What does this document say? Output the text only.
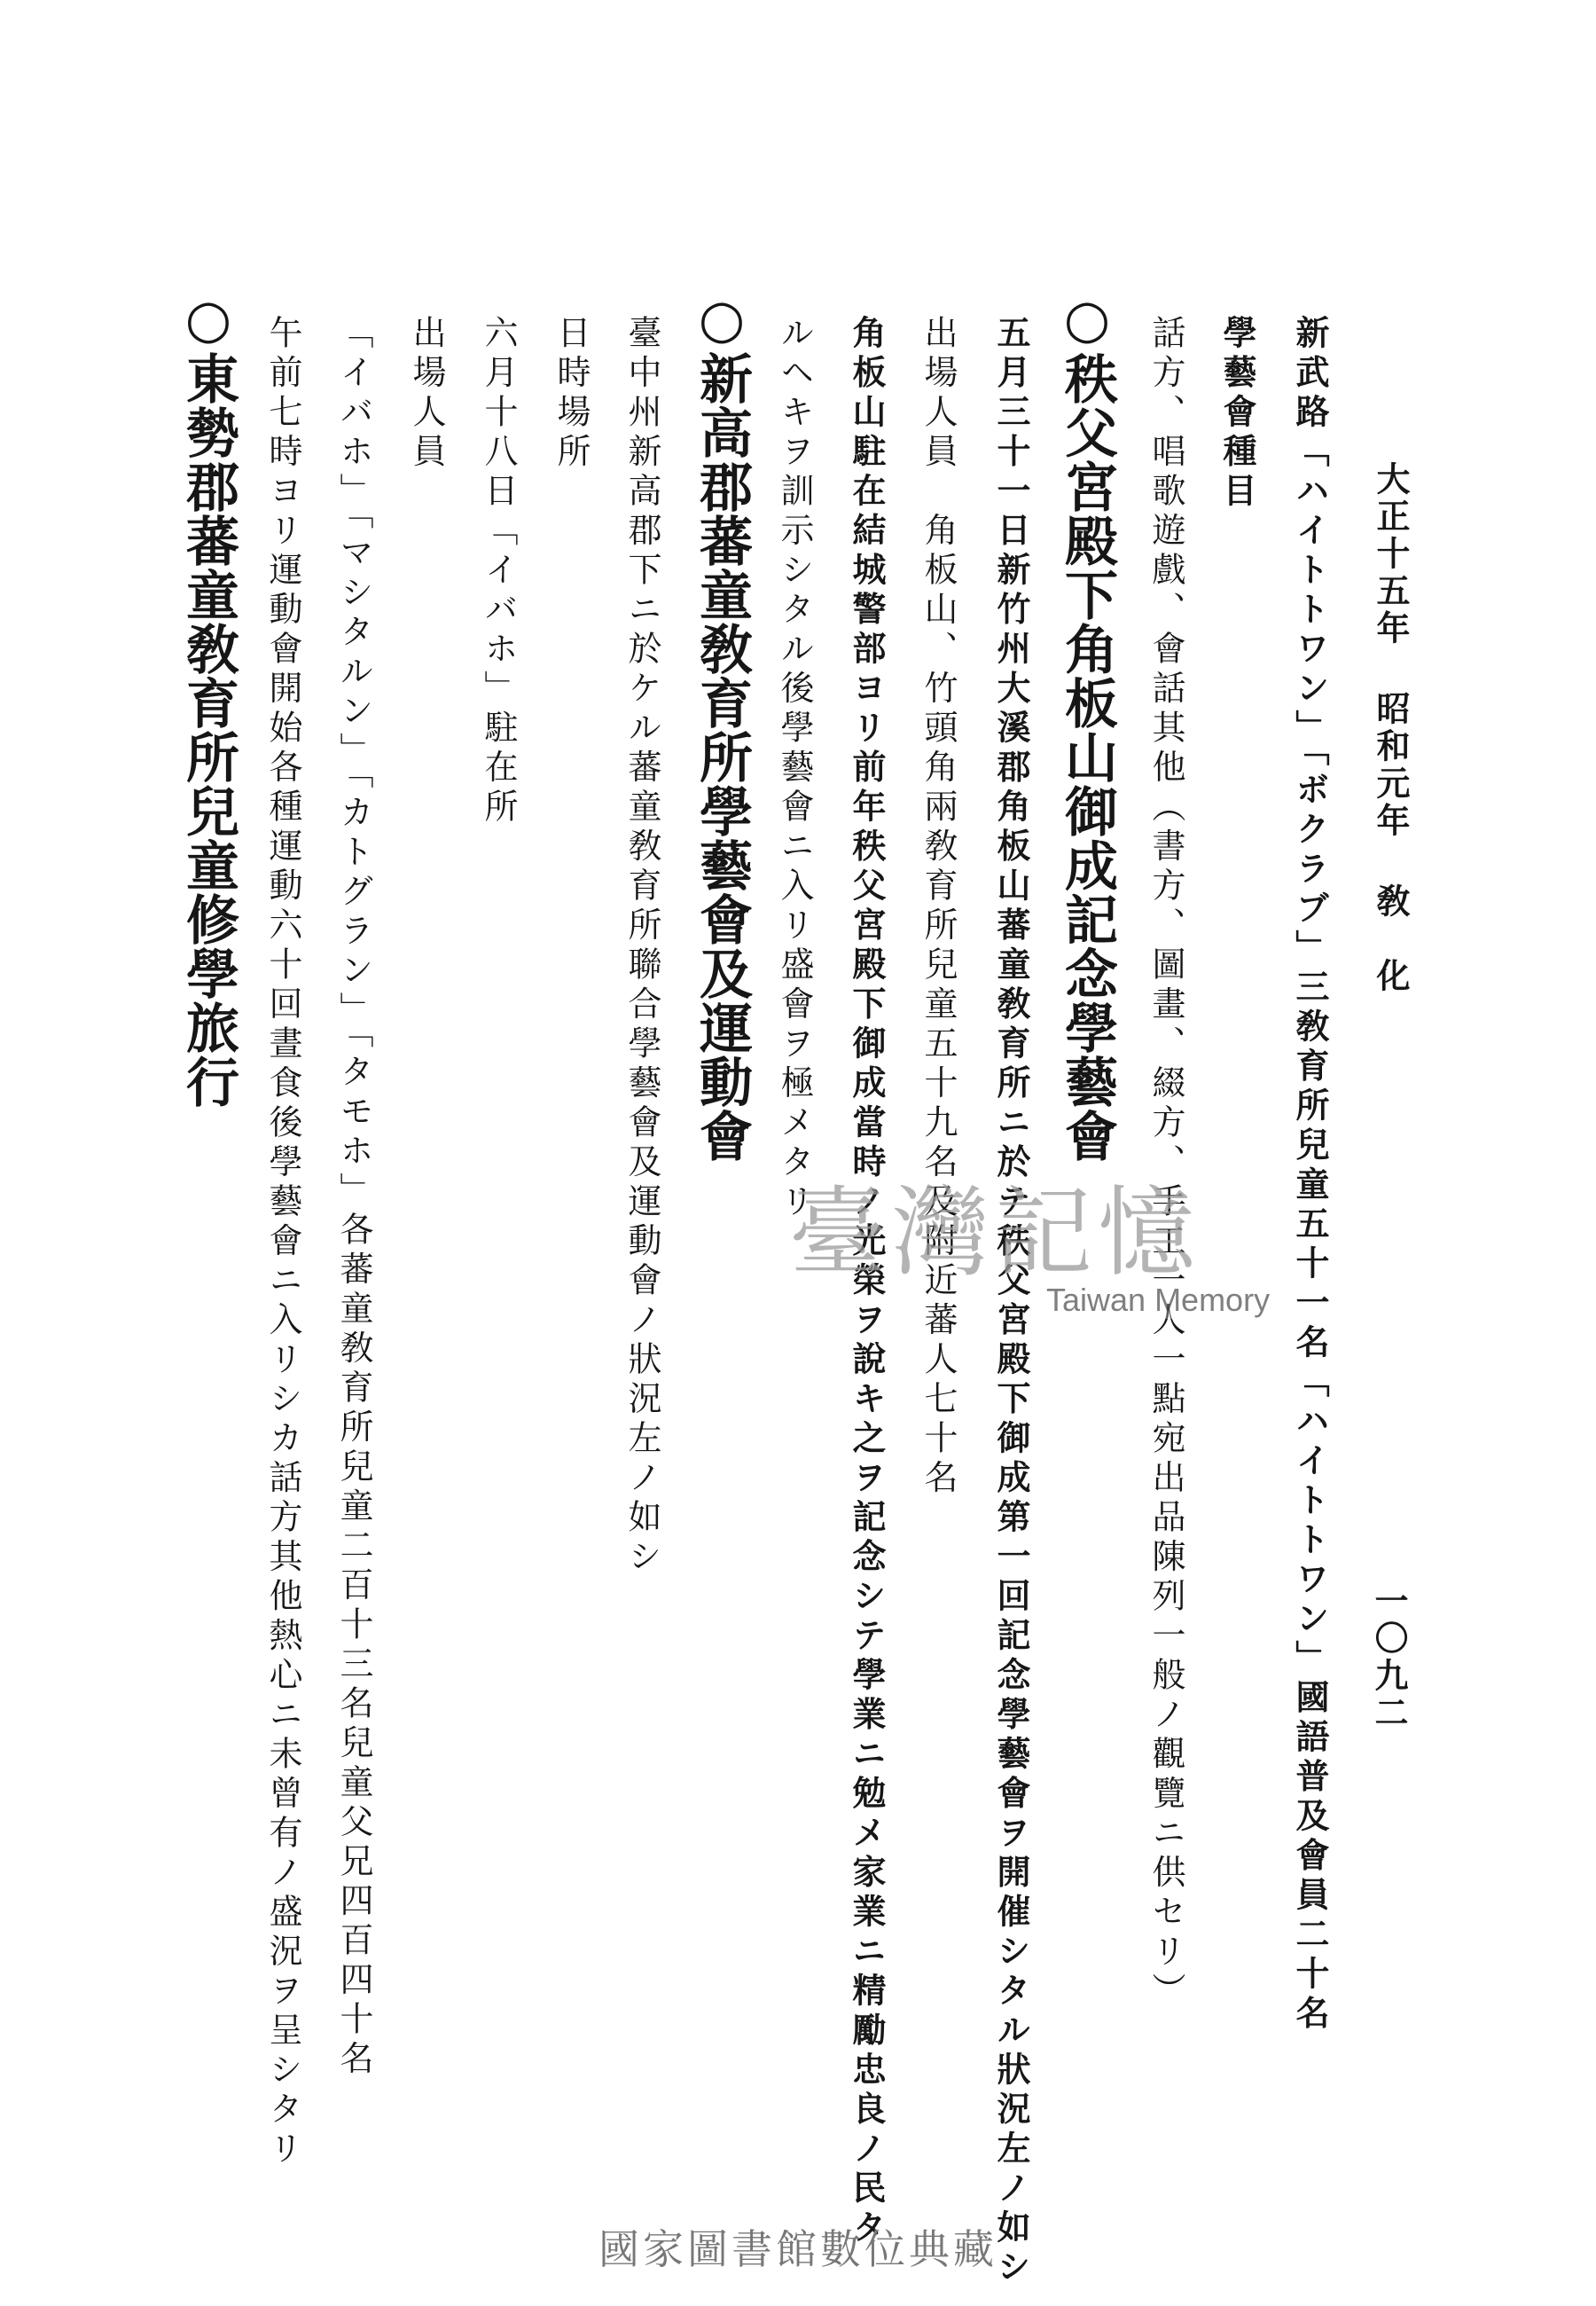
大正十五年 昭和元年 敎　化
一〇九二
新武路「ハイトトワン」「ボクラブ」三敎育所兒童五十一名「ハイトトワン」國語普及會員二十名
學藝會種目
話方、唱歌遊戲、會話其他（書方、圖畫、綴方、手工一人一點宛出品陳列一般ノ觀覽ニ供セリ）
○秩父宮殿下角板山御成記念學藝會
五月三十一日新竹州大溪郡角板山蕃童敎育所ニ於テ秩父宮殿下御成第一回記念學藝會ヲ開催シタル狀況左ノ如シ
出場人員　角板山、竹頭角兩敎育所兒童五十九名及附近蕃人七十名
角板山駐在結城警部ヨリ前年秩父宮殿下御成當時ノ光榮ヲ說キ之ヲ記念シテ學業ニ勉メ家業ニ精勵忠良ノ民タ
ルヘキヲ訓示シタル後學藝會ニ入リ盛會ヲ極メタリ
○新高郡蕃童敎育所學藝會及運動會
臺中州新高郡下ニ於ケル蕃童敎育所聯合學藝會及運動會ノ狀況左ノ如シ
日時場所
六月十八日「イバホ」駐在所
出場人員
「イバホ」「マシタルン」「カトグラン」「タモホ」各蕃童敎育所兒童二百十三名兒童父兄四百四十名
午前七時ヨリ運動會開始各種運動六十回晝食後學藝會ニ入リシカ話方其他熱心ニ未曾有ノ盛況ヲ呈シタリ
○東勢郡蕃童敎育所兒童修學旅行
臺灣記憶
Taiwan Memory
國家圖書館數位典藏
